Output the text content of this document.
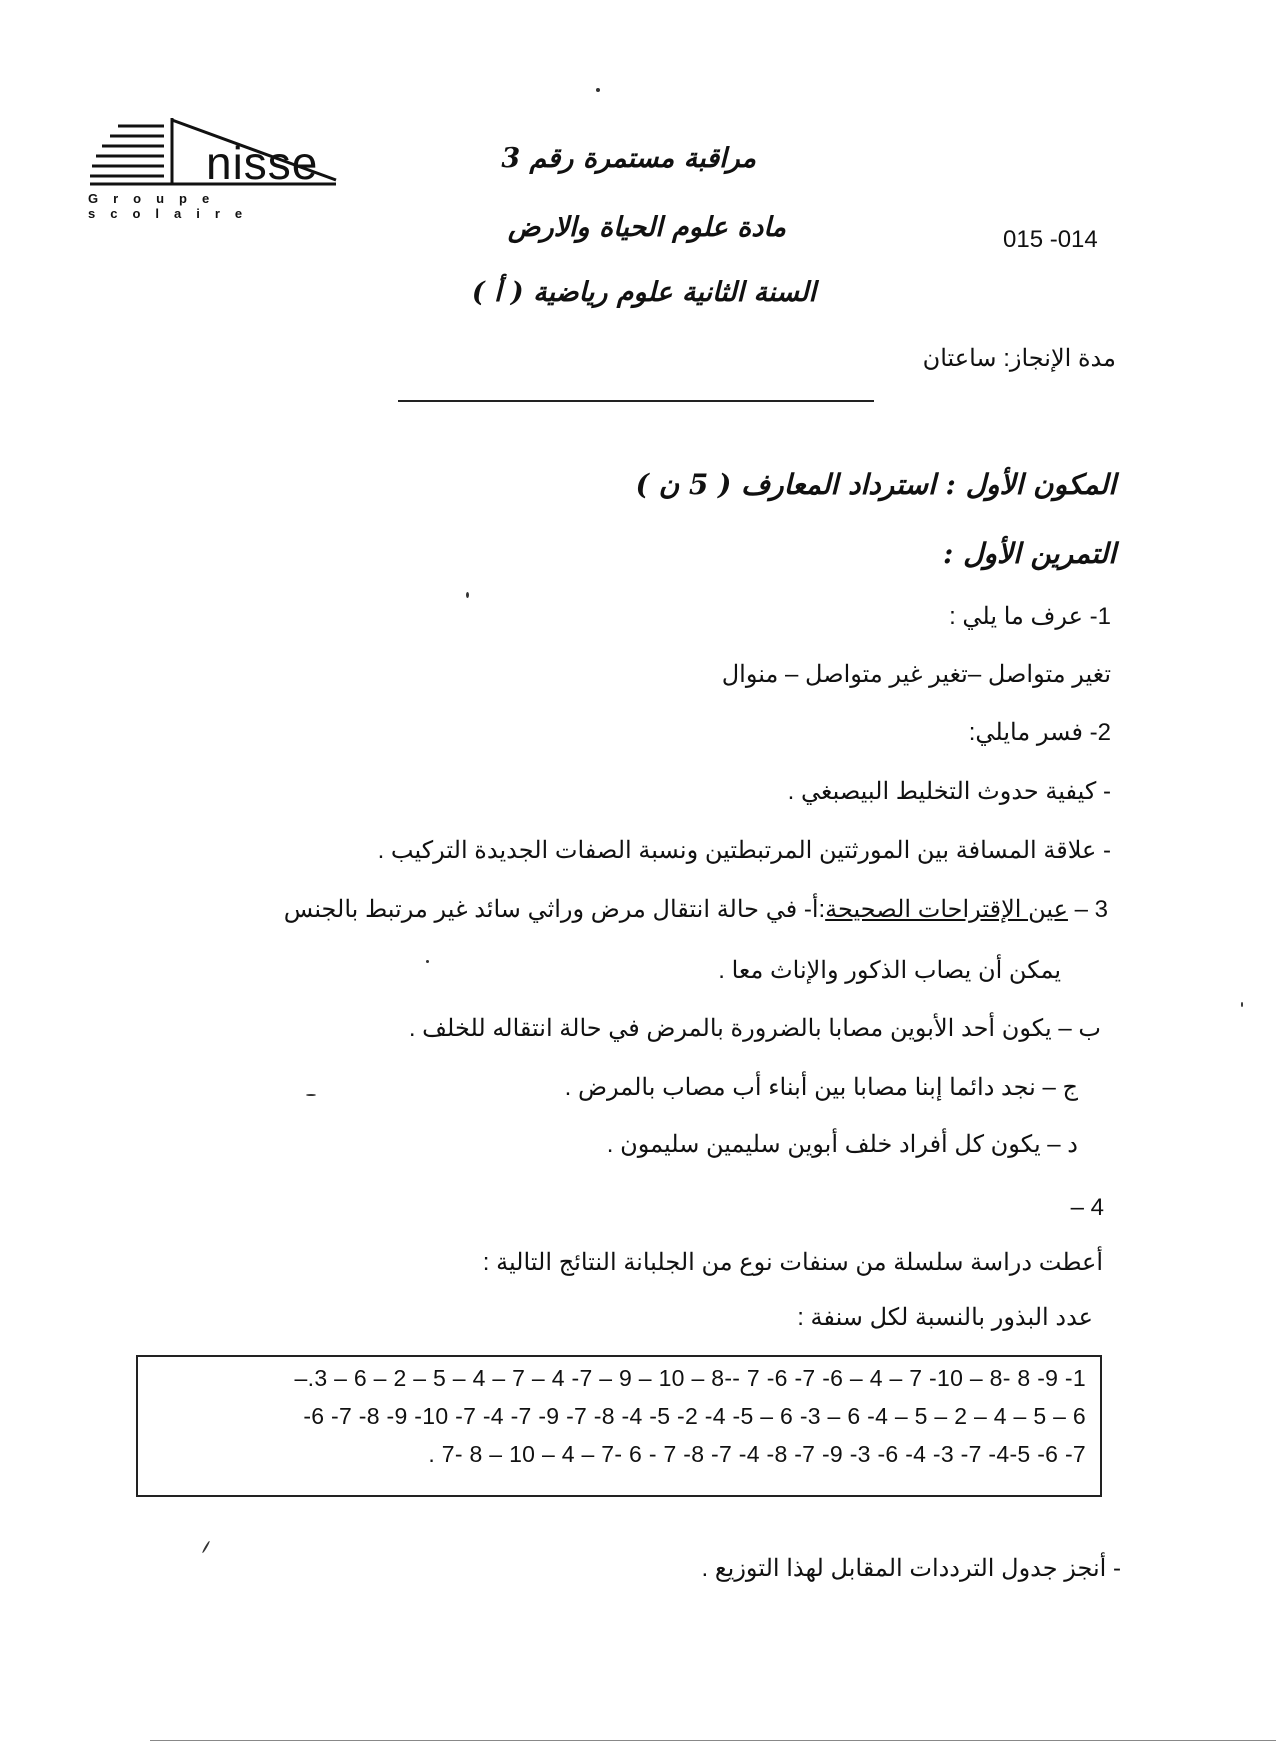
nisse
Groupe scolaire
مراقبة مستمرة رقم 3
مادة علوم الحياة والارض
السنة الثانية علوم رياضية ( أ )
015 -014
مدة الإنجاز: ساعتان
المكون الأول : استرداد المعارف ( 5 ن )
التمرين الأول :
1- عرف ما يلي :
تغير متواصل –تغير غير متواصل – منوال
2- فسر مايلي:
- كيفية حدوث التخليط البيصبغي .
- علاقة المسافة بين المورثتين المرتبطتين ونسبة الصفات الجديدة التركيب .
3 – عين الإقتراحات الصحيحة:أ- في حالة انتقال مرض وراثي سائد غير مرتبط بالجنس
يمكن أن يصاب الذكور والإناث معا .
ب – يكون أحد الأبوين مصابا بالضرورة بالمرض في حالة انتقاله للخلف .
ج – نجد دائما إبنا مصابا بين أبناء أب مصاب بالمرض .
د – يكون كل أفراد خلف أبوين سليمين سليمون .
4 –
أعطت دراسة سلسلة من سنفات نوع من الجلبانة النتائج التالية :
عدد البذور بالنسبة لكل سنفة :
–.3 – 6 – 2 – 5 – 4 – 7 – 4 -7 – 9 – 10 – 8-- 7 -6 -7 -6 – 4 – 7 -10 – 8- 8 -9 -1
-6 -7 -8 -9 -10 -7 -4 -7 -9 -7 -8 -4 -5 -2 -4 -5 – 6 -3 – 6 -4 – 5 – 2 – 4 – 5 – 6
. 7- 8 – 10 – 4 – 7- 6 - 7 -8 -7 -4 -8 -7 -9 -3 -6 -4 -3 -7 -4-5 -6 -7
- أنجز جدول الترددات المقابل لهذا التوزيع .
